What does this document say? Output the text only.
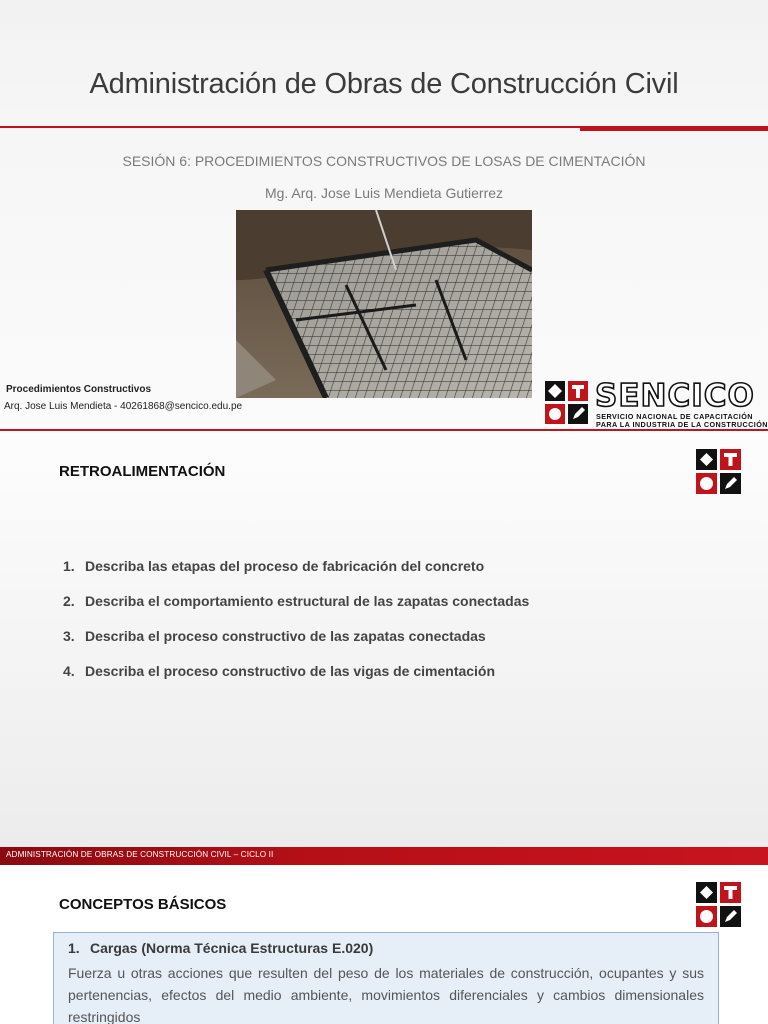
Administración de Obras de Construcción Civil
SESIÓN 6: PROCEDIMIENTOS CONSTRUCTIVOS DE LOSAS DE CIMENTACIÓN
Mg. Arq. Jose Luis Mendieta Gutierrez
Procedimientos Constructivos
Arq. Jose Luis Mendieta - 40261868@sencico.edu.pe	SENCICO
SERVICIO NACIONAL DE CAPACITACIÓN
PARA LA INDUSTRIA DE LA CONSTRUCCIÓN
RETROALIMENTACIÓN
1. Describa las etapas del proceso de fabricación del concreto
2. Describa el comportamiento estructural de las zapatas conectadas
3. Describa el proceso constructivo de las zapatas conectadas
4. Describa el proceso constructivo de las vigas de cimentación
ADMINISTRACIÓN DE OBRAS DE CONSTRUCCIÓN CIVIL – CICLO II
CONCEPTOS BÁSICOS
1. Cargas (Norma Técnica Estructuras E.020)
Fuerza u otras acciones que resulten del peso de los materiales de construcción, ocupantes y sus pertenencias, efectos del medio ambiente, movimientos diferenciales y cambios dimensionales restringidos
